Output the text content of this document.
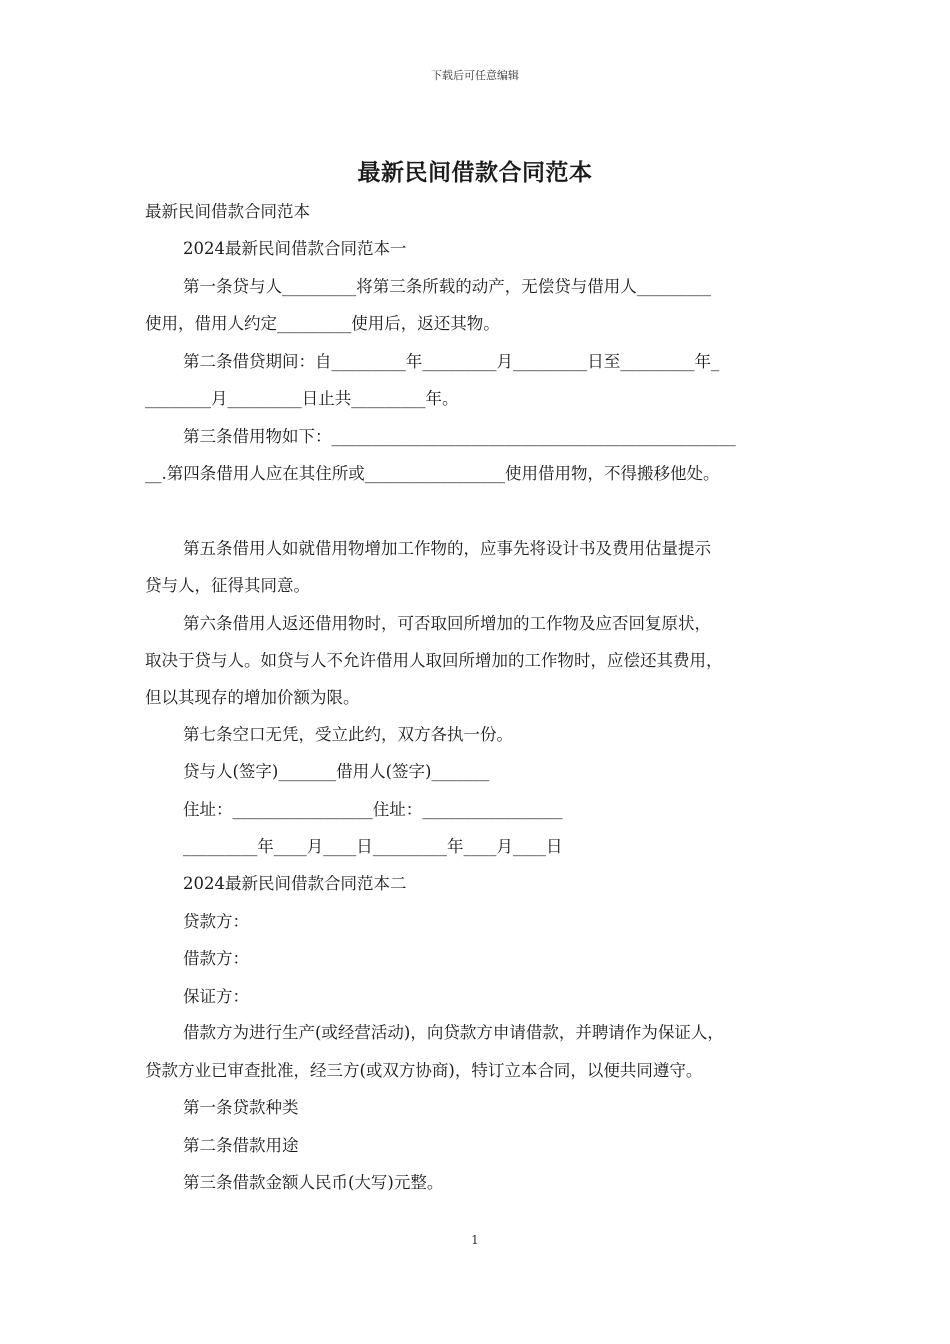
下载后可任意编辑
最新民间借款合同范本
最新民间借款合同范本
2024最新民间借款合同范本一
第一条贷与人_________将第三条所载的动产，无偿贷与借用人_________
使用，借用人约定_________使用后，返还其物。
第二条借贷期间：自_________年_________月_________日至_________年_
________月_________日止共_________年。
第三条借用物如下：_________________________________________________
__.第四条借用人应在其住所或_________________使用借用物，不得搬移他处。
第五条借用人如就借用物增加工作物的，应事先将设计书及费用估量提示
贷与人，征得其同意。
第六条借用人返还借用物时，可否取回所增加的工作物及应否回复原状，
取决于贷与人。如贷与人不允许借用人取回所增加的工作物时，应偿还其费用，
但以其现存的增加价额为限。
第七条空口无凭，受立此约，双方各执一份。
贷与人(签字)_______借用人(签字)_______
住址：_________________住址：_________________
_________年____月____日_________年____月____日
2024最新民间借款合同范本二
贷款方：
借款方：
保证方：
借款方为进行生产(或经营活动)，向贷款方申请借款，并聘请作为保证人，
贷款方业已审查批准，经三方(或双方协商)，特订立本合同，以便共同遵守。
第一条贷款种类
第二条借款用途
第三条借款金额人民币(大写)元整。
1
